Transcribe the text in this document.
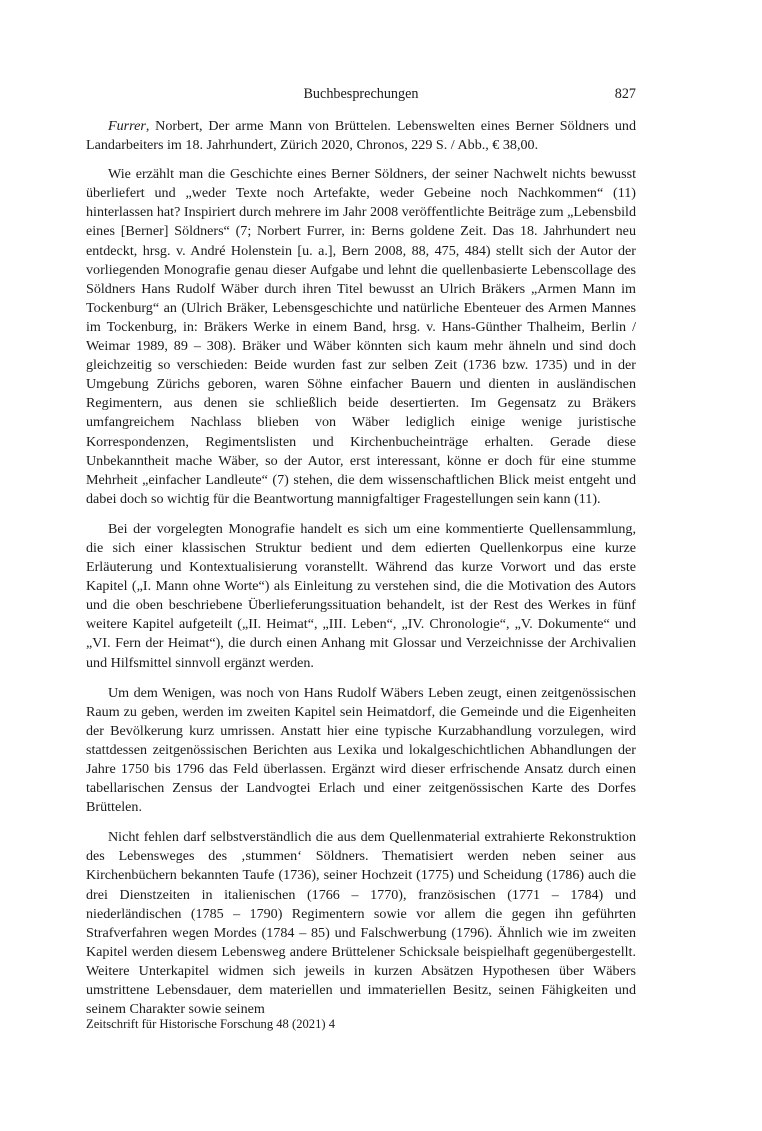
Buchbesprechungen	827

Furrer, Norbert, Der arme Mann von Brüttelen. Lebenswelten eines Berner Söldners und Landarbeiters im 18. Jahrhundert, Zürich 2020, Chronos, 229 S. / Abb., € 38,00.

Wie erzählt man die Geschichte eines Berner Söldners, der seiner Nachwelt nichts bewusst überliefert und „weder Texte noch Artefakte, weder Gebeine noch Nachkommen“ (11) hinterlassen hat? Inspiriert durch mehrere im Jahr 2008 veröffentlichte Beiträge zum „Lebensbild eines [Berner] Söldners“ (7; Norbert Furrer, in: Berns goldene Zeit. Das 18. Jahrhundert neu entdeckt, hrsg. v. André Holenstein [u. a.], Bern 2008, 88, 475, 484) stellt sich der Autor der vorliegenden Monografie genau dieser Aufgabe und lehnt die quellenbasierte Lebenscollage des Söldners Hans Rudolf Wäber durch ihren Titel bewusst an Ulrich Bräkers „Armen Mann im Tockenburg“ an (Ulrich Bräker, Lebensgeschichte und natürliche Ebenteuer des Armen Mannes im Tockenburg, in: Bräkers Werke in einem Band, hrsg. v. Hans-Günther Thalheim, Berlin / Weimar 1989, 89 – 308). Bräker und Wäber könnten sich kaum mehr ähneln und sind doch gleichzeitig so verschieden: Beide wurden fast zur selben Zeit (1736 bzw. 1735) und in der Umgebung Zürichs geboren, waren Söhne einfacher Bauern und dienten in ausländischen Regimentern, aus denen sie schließlich beide desertierten. Im Gegensatz zu Bräkers umfangreichem Nachlass blieben von Wäber lediglich einige wenige juristische Korrespondenzen, Regimentslisten und Kirchenbucheinträge erhalten. Gerade diese Unbekanntheit mache Wäber, so der Autor, erst interessant, könne er doch für eine stumme Mehrheit „einfacher Landleute“ (7) stehen, die dem wissenschaftlichen Blick meist entgeht und dabei doch so wichtig für die Beantwortung mannigfaltiger Fragestellungen sein kann (11).

Bei der vorgelegten Monografie handelt es sich um eine kommentierte Quellensammlung, die sich einer klassischen Struktur bedient und dem edierten Quellenkorpus eine kurze Erläuterung und Kontextualisierung voranstellt. Während das kurze Vorwort und das erste Kapitel („I. Mann ohne Worte“) als Einleitung zu verstehen sind, die die Motivation des Autors und die oben beschriebene Überlieferungssituation behandelt, ist der Rest des Werkes in fünf weitere Kapitel aufgeteilt („II. Heimat“, „III. Leben“, „IV. Chronologie“, „V. Dokumente“ und „VI. Fern der Heimat“), die durch einen Anhang mit Glossar und Verzeichnisse der Archivalien und Hilfsmittel sinnvoll ergänzt werden.

Um dem Wenigen, was noch von Hans Rudolf Wäbers Leben zeugt, einen zeitgenössischen Raum zu geben, werden im zweiten Kapitel sein Heimatdorf, die Gemeinde und die Eigenheiten der Bevölkerung kurz umrissen. Anstatt hier eine typische Kurzabhandlung vorzulegen, wird stattdessen zeitgenössischen Berichten aus Lexika und lokalgeschichtlichen Abhandlungen der Jahre 1750 bis 1796 das Feld überlassen. Ergänzt wird dieser erfrischende Ansatz durch einen tabellarischen Zensus der Landvogtei Erlach und einer zeitgenössischen Karte des Dorfes Brüttelen.

Nicht fehlen darf selbstverständlich die aus dem Quellenmaterial extrahierte Rekonstruktion des Lebensweges des ‚stummen‘ Söldners. Thematisiert werden neben seiner aus Kirchenbüchern bekannten Taufe (1736), seiner Hochzeit (1775) und Scheidung (1786) auch die drei Dienstzeiten in italienischen (1766 – 1770), französischen (1771 – 1784) und niederländischen (1785 – 1790) Regimentern sowie vor allem die gegen ihn geführten Strafverfahren wegen Mordes (1784 – 85) und Falschwerbung (1796). Ähnlich wie im zweiten Kapitel werden diesem Lebensweg andere Brüttelener Schicksale beispielhaft gegenübergestellt. Weitere Unterkapitel widmen sich jeweils in kurzen Absätzen Hypothesen über Wäbers umstrittene Lebensdauer, dem materiellen und immateriellen Besitz, seinen Fähigkeiten und seinem Charakter sowie seinem

Zeitschrift für Historische Forschung 48 (2021) 4
